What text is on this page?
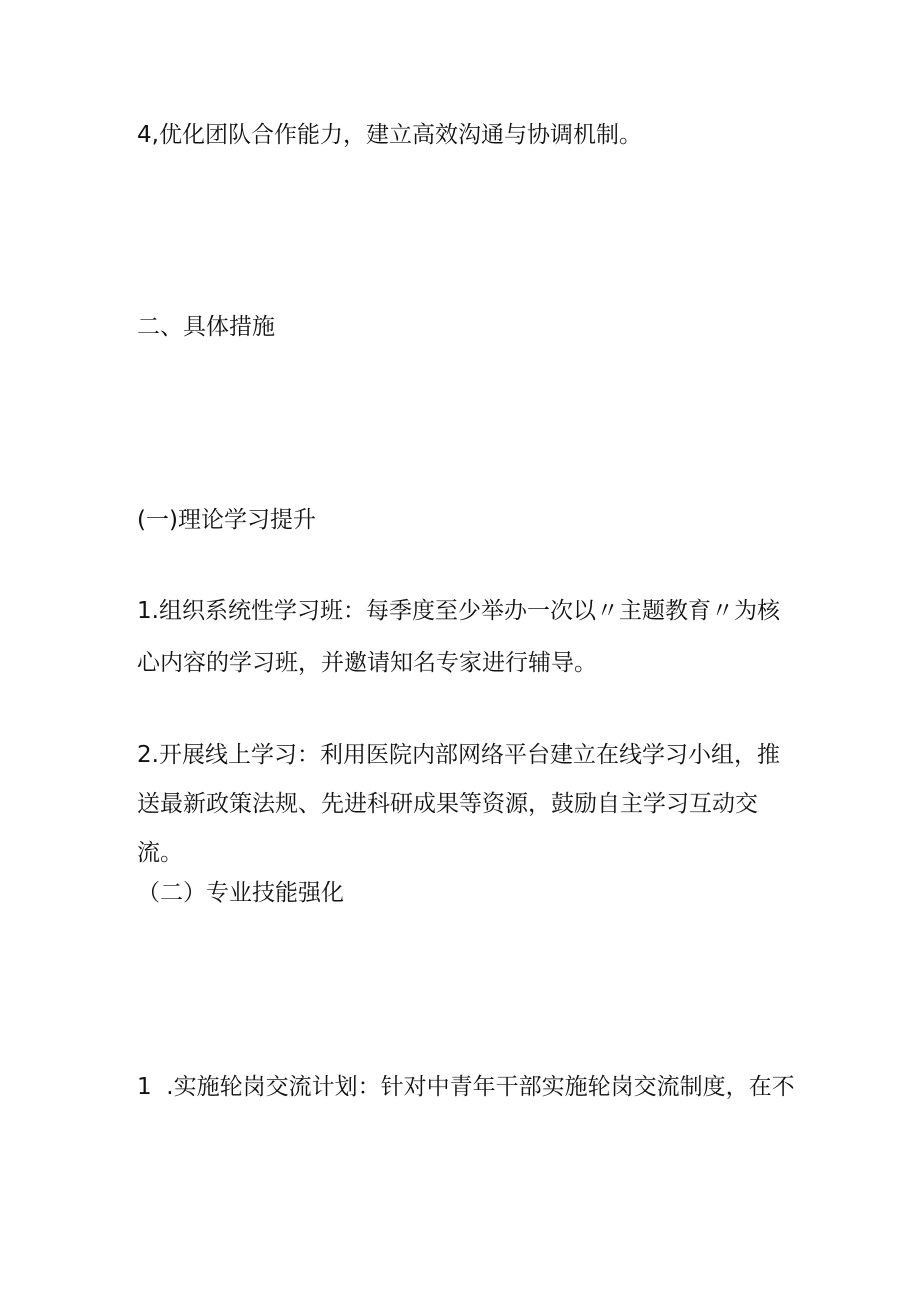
4,优化团队合作能力，建立高效沟通与协调机制。

二、具体措施

(一)理论学习提升

1.组织系统性学习班：每季度至少举办一次以〃主题教育〃为核

心内容的学习班，并邀请知名专家进行辅导。

2.开展线上学习：利用医院内部网络平台建立在线学习小组，推

送最新政策法规、先进科研成果等资源，鼓励自主学习互动交

流。

（二）专业技能强化

1  .实施轮岗交流计划：针对中青年干部实施轮岗交流制度，在不
